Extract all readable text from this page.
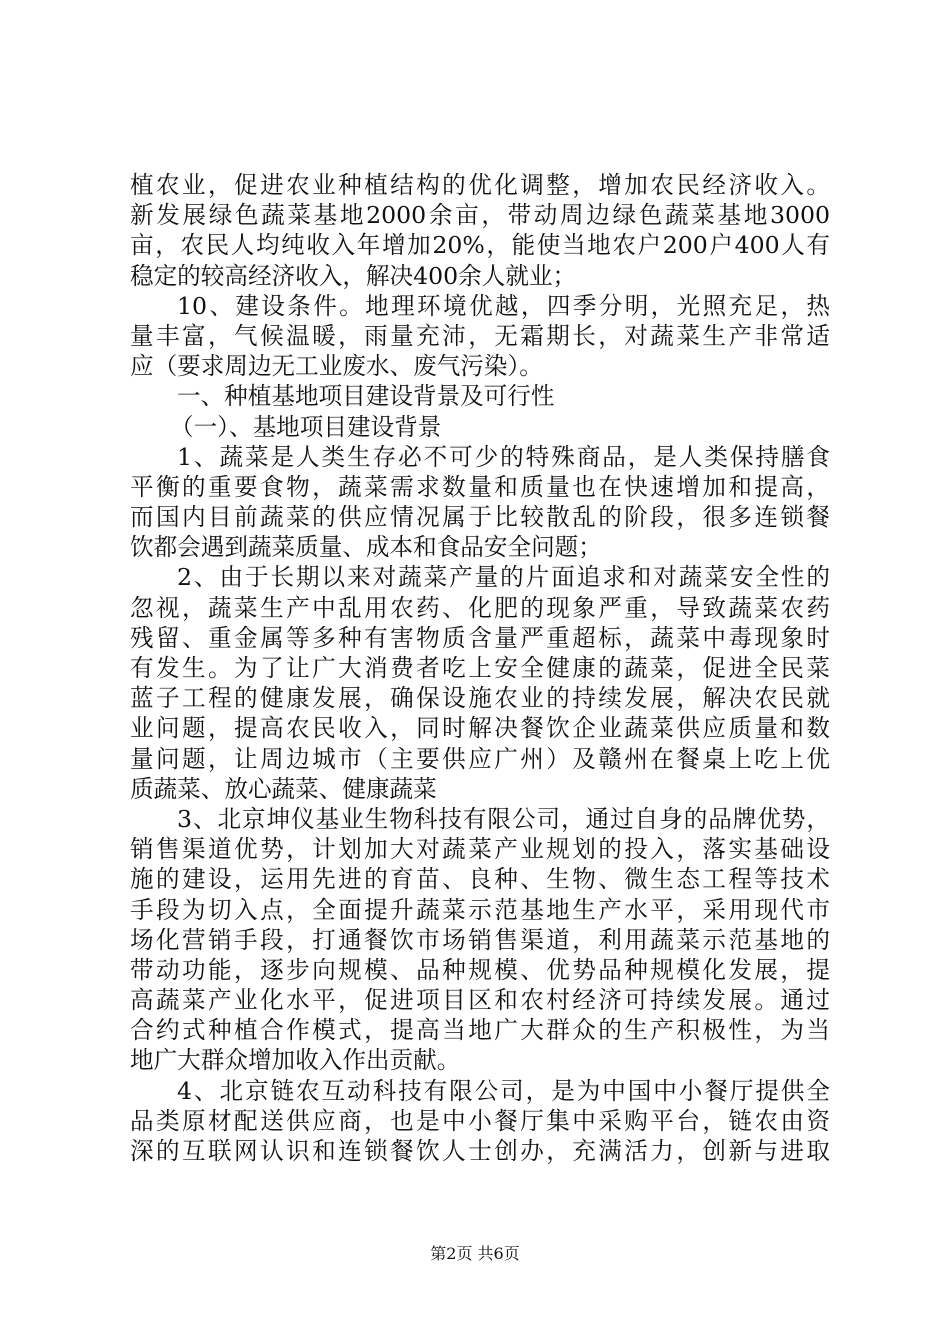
植农业，促进农业种植结构的优化调整，增加农民经济收入。
新发展绿色蔬菜基地2000余亩，带动周边绿色蔬菜基地3000
亩，农民人均纯收入年增加20%，能使当地农户200户400人有
稳定的较高经济收入，解决400余人就业；
10、建设条件。地理环境优越，四季分明，光照充足，热
量丰富，气候温暖，雨量充沛，无霜期长，对蔬菜生产非常适
应（要求周边无工业废水、废气污染）。
一、种植基地项目建设背景及可行性
（一）、基地项目建设背景
1、蔬菜是人类生存必不可少的特殊商品，是人类保持膳食
平衡的重要食物，蔬菜需求数量和质量也在快速增加和提高，
而国内目前蔬菜的供应情况属于比较散乱的阶段，很多连锁餐
饮都会遇到蔬菜质量、成本和食品安全问题；
2、由于长期以来对蔬菜产量的片面追求和对蔬菜安全性的
忽视，蔬菜生产中乱用农药、化肥的现象严重，导致蔬菜农药
残留、重金属等多种有害物质含量严重超标，蔬菜中毒现象时
有发生。为了让广大消费者吃上安全健康的蔬菜，促进全民菜
蓝子工程的健康发展，确保设施农业的持续发展，解决农民就
业问题，提高农民收入，同时解决餐饮企业蔬菜供应质量和数
量问题，让周边城市（主要供应广州）及赣州在餐桌上吃上优
质蔬菜、放心蔬菜、健康蔬菜
3、北京坤仪基业生物科技有限公司，通过自身的品牌优势，
销售渠道优势，计划加大对蔬菜产业规划的投入，落实基础设
施的建设，运用先进的育苗、良种、生物、微生态工程等技术
手段为切入点，全面提升蔬菜示范基地生产水平，采用现代市
场化营销手段，打通餐饮市场销售渠道，利用蔬菜示范基地的
带动功能，逐步向规模、品种规模、优势品种规模化发展，提
高蔬菜产业化水平，促进项目区和农村经济可持续发展。通过
合约式种植合作模式，提高当地广大群众的生产积极性，为当
地广大群众增加收入作出贡献。
4、北京链农互动科技有限公司，是为中国中小餐厅提供全
品类原材配送供应商，也是中小餐厅集中采购平台，链农由资
深的互联网认识和连锁餐饮人士创办，充满活力，创新与进取
第2页 共6页
